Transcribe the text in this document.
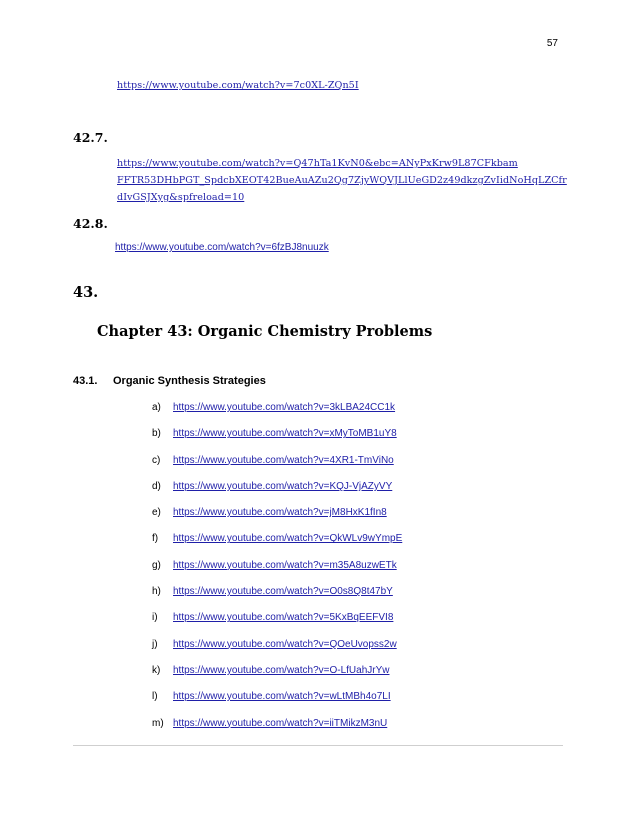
57
https://www.youtube.com/watch?v=7c0XL-ZQn5I
42.7.
https://www.youtube.com/watch?v=Q47hTa1KvN0&ebc=ANyPxKrw9L87CFkbam
FFTR53DHbPGT_SpdcbXEOT42BueAuAZu2Qg7ZjyWQVJLlUeGD2z49dkzgZvIidNoHqLZCfr
dIvGSJXyg&spfreload=10
42.8.
https://www.youtube.com/watch?v=6fzBJ8nuuzk
43.
Chapter 43: Organic Chemistry Problems
43.1. Organic Synthesis Strategies
a) https://www.youtube.com/watch?v=3kLBA24CC1k
b) https://www.youtube.com/watch?v=xMyToMB1uY8
c) https://www.youtube.com/watch?v=4XR1-TmViNo
d) https://www.youtube.com/watch?v=KQJ-VjAZyVY
e) https://www.youtube.com/watch?v=jM8HxK1fIn8
f) https://www.youtube.com/watch?v=QkWLv9wYmpE
g) https://www.youtube.com/watch?v=m35A8uzwETk
h) https://www.youtube.com/watch?v=O0s8Q8t47bY
i) https://www.youtube.com/watch?v=5KxBqEEFVI8
j) https://www.youtube.com/watch?v=QOeUvopss2w
k) https://www.youtube.com/watch?v=O-LfUahJrYw
l) https://www.youtube.com/watch?v=wLtMBh4o7LI
m) https://www.youtube.com/watch?v=iiTMikzM3nU
